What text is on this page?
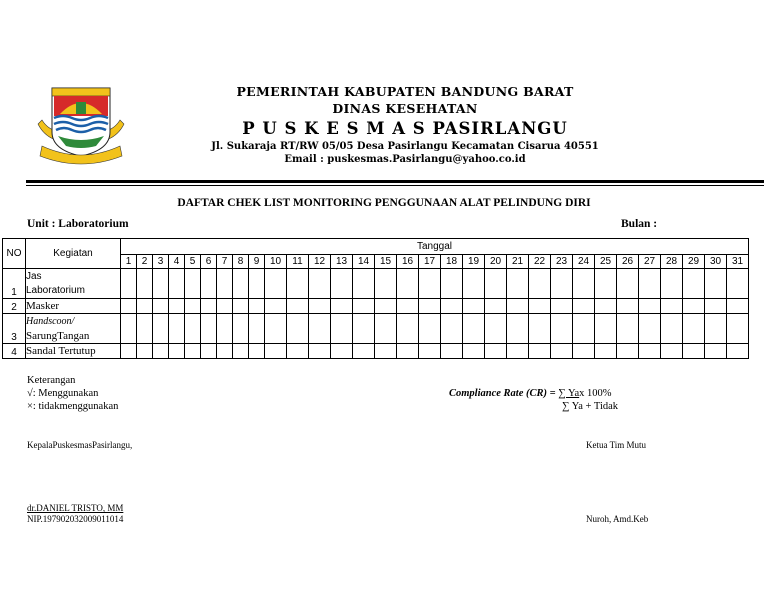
PEMERINTAH KABUPATEN BANDUNG BARAT
DINAS KESEHATAN
P U S K E S M A S PASIRLANGU
Jl. Sukaraja RT/RW 05/05 Desa Pasirlangu Kecamatan Cisarua 40551
Email : puskesmas.Pasirlangu@yahoo.co.id
DAFTAR CHEK LIST MONITORING PENGGUNAAN ALAT PELINDUNG DIRI
Unit : Laboratorium	Bulan :
NO	Kegiatan	Tanggal																														
		1	2	3	4	5	6	7	8	9	10	11	12	13	14	15	16	17	18	19	20	21	22	23	24	25	26	27	28	29	30	31
1	Jas
Laboratorium																															

2	Masker																															

3	Handscoon/
SarungTangan																															

4	Sandal Tertutup																															

Keterangan
√: Menggunakan
×: tidakmenggunakan
Compliance Rate (CR) = ∑ Yax 100%
∑ Ya + Tidak
KepalaPuskesmasPasirlangu,	Ketua Tim Mutu
dr.DANIEL TRISTO, MM
NIP.197902032009011014	Nuroh, Amd.Keb
